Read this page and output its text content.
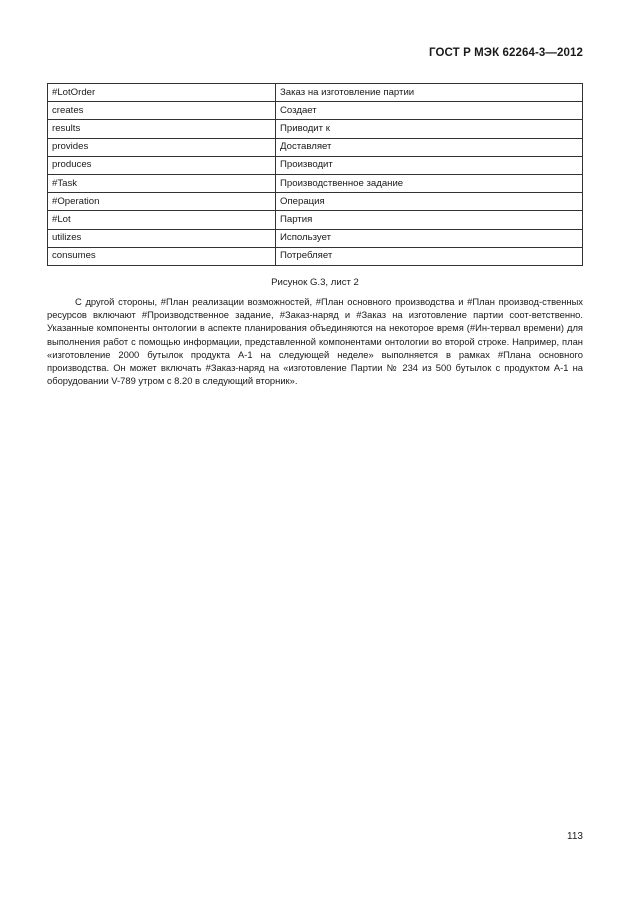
ГОСТ Р МЭК 62264-3—2012
#LotOrder	Заказ на изготовление партии
creates	Создает
results	Приводит к
provides	Доставляет
produces	Производит
#Task	Производственное задание
#Operation	Операция
#Lot	Партия
utilizes	Использует
consumes	Потребляет
Рисунок G.3, лист 2

С другой стороны, #План реализации возможностей, #План основного производства и #План производ-ственных ресурсов включают #Производственное задание, #Заказ-наряд и #Заказ на изготовление партии соот-ветственно. Указанные компоненты онтологии в аспекте планирования объединяются на некоторое время (#Ин-тервал времени) для выполнения работ с помощью информации, представленной компонентами онтологии во второй строке. Например, план «изготовление 2000 бутылок продукта А-1 на следующей неделе» выполняется в рамках #Плана основного производства. Он может включать #Заказ-наряд на «изготовление Партии № 234 из 500 бутылок с продуктом А-1 на оборудовании V-789 утром с 8.20 в следующий вторник».

113
